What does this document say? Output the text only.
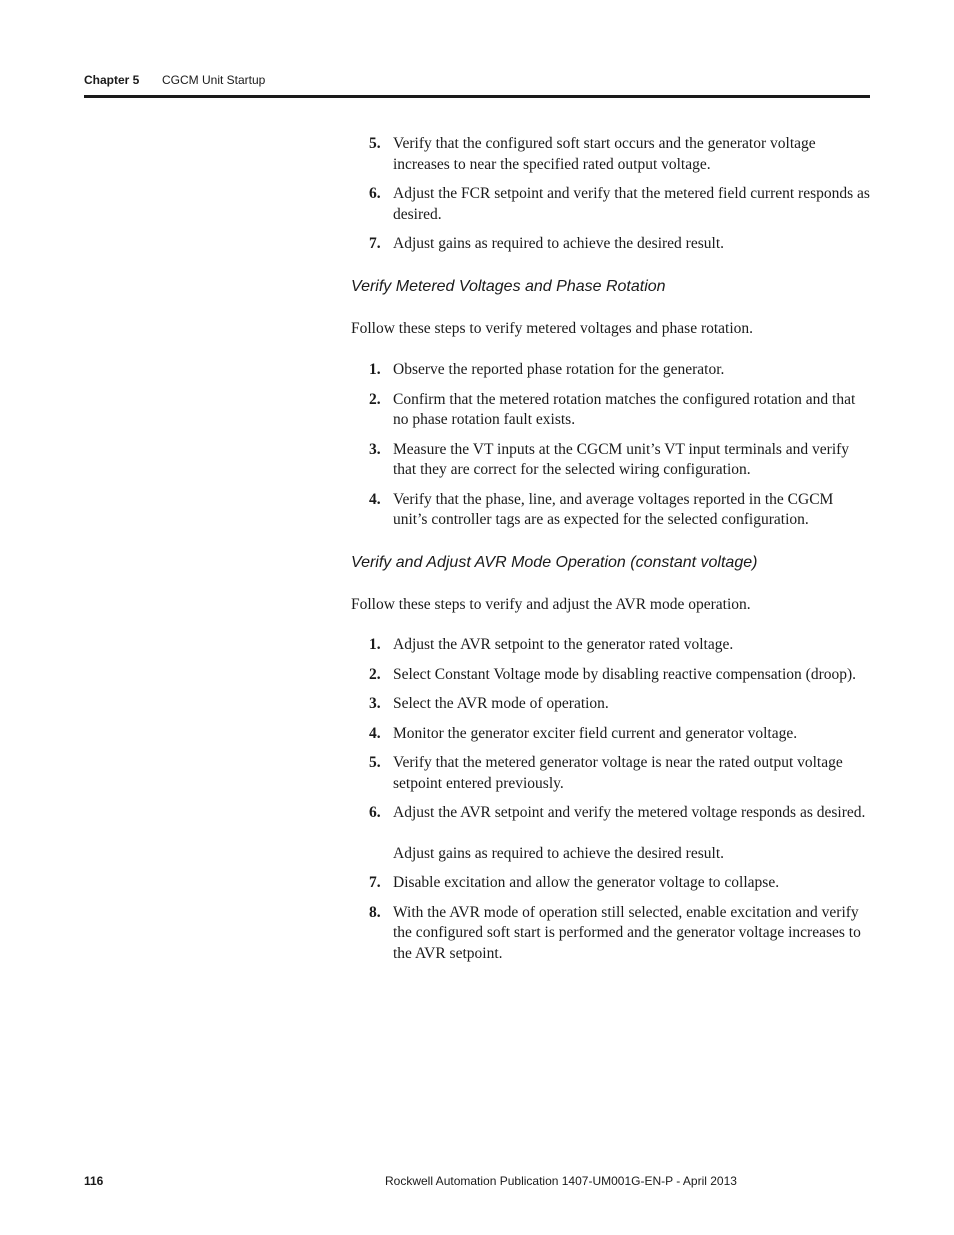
Chapter 5 CGCM Unit Startup
5. Verify that the configured soft start occurs and the generator voltage increases to near the specified rated output voltage.
6. Adjust the FCR setpoint and verify that the metered field current responds as desired.
7. Adjust gains as required to achieve the desired result.
Verify Metered Voltages and Phase Rotation

Follow these steps to verify metered voltages and phase rotation.

1. Observe the reported phase rotation for the generator.
2. Confirm that the metered rotation matches the configured rotation and that no phase rotation fault exists.
3. Measure the VT inputs at the CGCM unit’s VT input terminals and verify that they are correct for the selected wiring configuration.
4. Verify that the phase, line, and average voltages reported in the CGCM unit’s controller tags are as expected for the selected configuration.
Verify and Adjust AVR Mode Operation (constant voltage)

Follow these steps to verify and adjust the AVR mode operation.

1. Adjust the AVR setpoint to the generator rated voltage.
2. Select Constant Voltage mode by disabling reactive compensation (droop).
3. Select the AVR mode of operation.
4. Monitor the generator exciter field current and generator voltage.
5. Verify that the metered generator voltage is near the rated output voltage setpoint entered previously.
6. Adjust the AVR setpoint and verify the metered voltage responds as desired.
Adjust gains as required to achieve the desired result.
7. Disable excitation and allow the generator voltage to collapse.
8. With the AVR mode of operation still selected, enable excitation and verify the configured soft start is performed and the generator voltage increases to the AVR setpoint.
116	Rockwell Automation Publication 1407-UM001G-EN-P - April 2013
